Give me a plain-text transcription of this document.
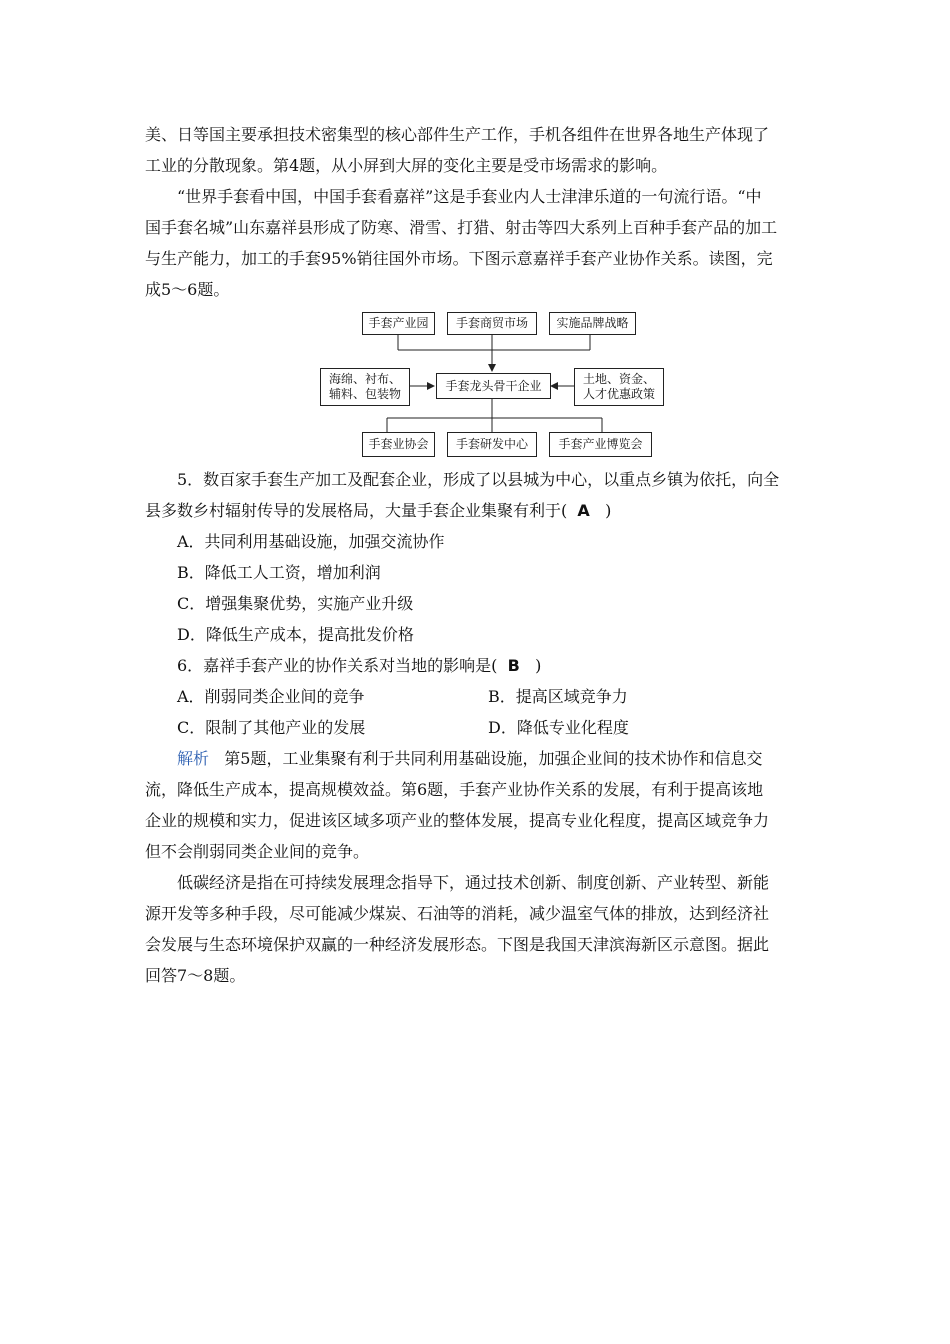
美、日等国主要承担技术密集型的核心部件生产工作，手机各组件在世界各地生产体现了
工业的分散现象。第4题，从小屏到大屏的变化主要是受市场需求的影响。
“世界手套看中国，中国手套看嘉祥”这是手套业内人士津津乐道的一句流行语。“中
国手套名城”山东嘉祥县形成了防寒、滑雪、打猎、射击等四大系列上百种手套产品的加工
与生产能力，加工的手套95%销往国外市场。下图示意嘉祥手套产业协作关系。读图，完
成5～6题。
手套产业园	手套商贸市场	实施品牌战略
海绵、衬布、
辅料、包装物
手套龙头骨干企业	土地、资金、
人才优惠政策
手套业协会	手套研发中心	手套产业博览会
5．数百家手套生产加工及配套企业，形成了以县城为中心，以重点乡镇为依托，向全
县多数乡村辐射传导的发展格局，大量手套企业集聚有利于( A )
A．共同利用基础设施，加强交流协作
B．降低工人工资，增加利润
C．增强集聚优势，实施产业升级
D．降低生产成本，提高批发价格
6．嘉祥手套产业的协作关系对当地的影响是( B )
A．削弱同类企业间的竞争	B．提高区域竞争力
C．限制了其他产业的发展	D．降低专业化程度
解析 第5题，工业集聚有利于共同利用基础设施，加强企业间的技术协作和信息交
流，降低生产成本，提高规模效益。第6题，手套产业协作关系的发展，有利于提高该地
企业的规模和实力，促进该区域多项产业的整体发展，提高专业化程度，提高区域竞争力
但不会削弱同类企业间的竞争。
低碳经济是指在可持续发展理念指导下，通过技术创新、制度创新、产业转型、新能
源开发等多种手段，尽可能减少煤炭、石油等的消耗，减少温室气体的排放，达到经济社
会发展与生态环境保护双赢的一种经济发展形态。下图是我国天津滨海新区示意图。据此
回答7～8题。
